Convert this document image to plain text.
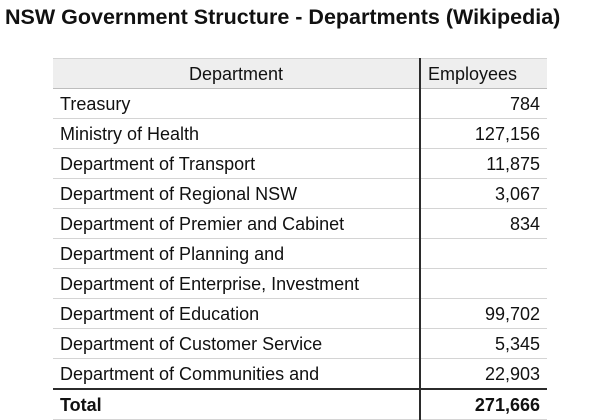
NSW Government Structure - Departments (Wikipedia)
Department	Employees
Treasury	784
Ministry of Health	127,156
Department of Transport	11,875
Department of Regional NSW	3,067
Department of Premier and Cabinet	834
Department of Planning and	
Department of Enterprise, Investment	
Department of Education	99,702
Department of Customer Service	5,345
Department of Communities and	22,903
Total	271,666
